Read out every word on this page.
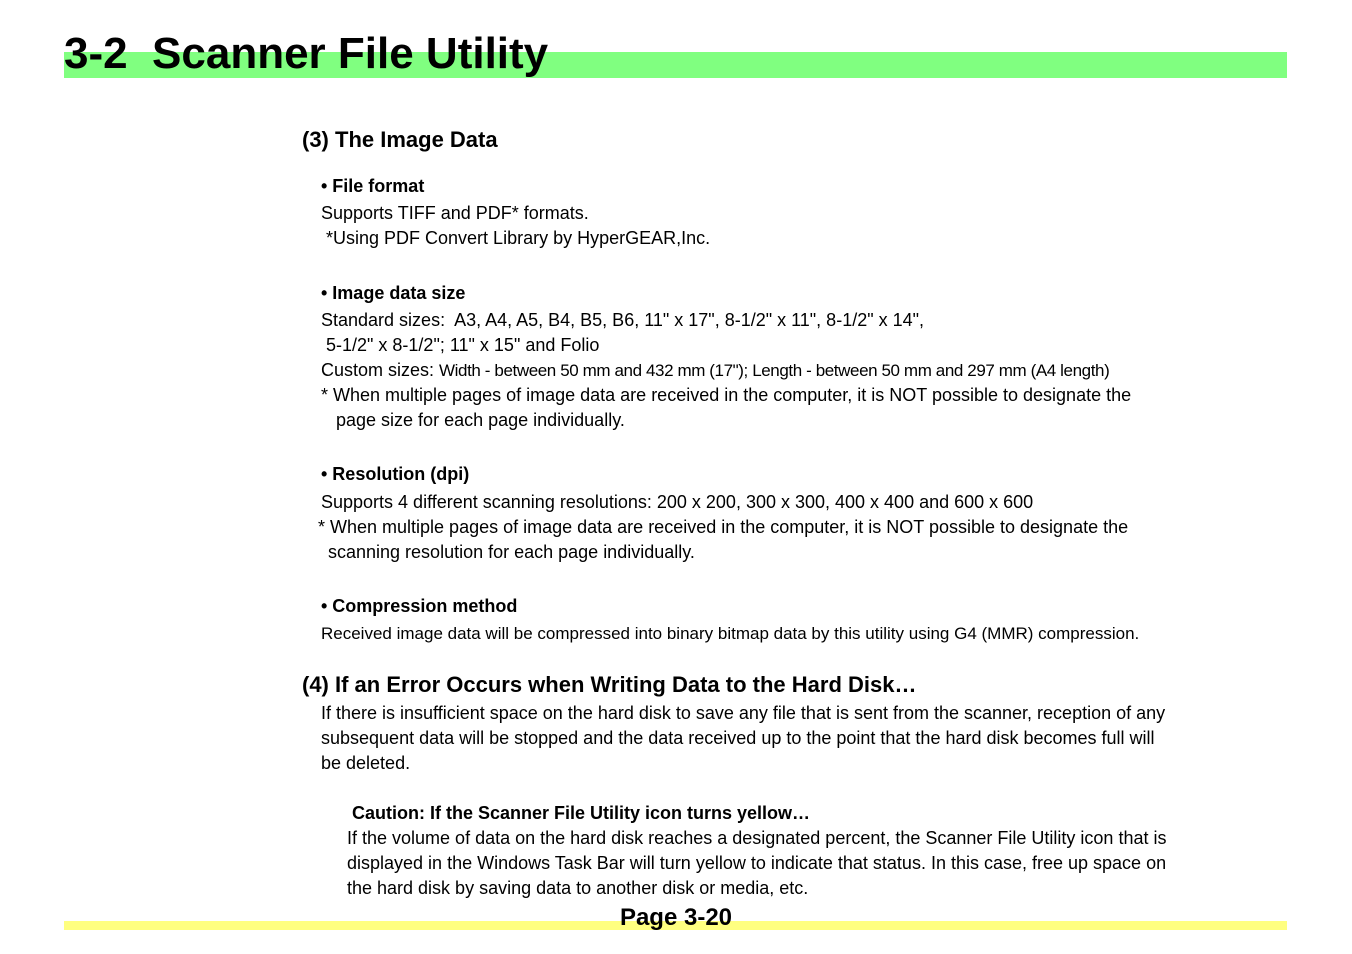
3-2  Scanner File Utility
(3) The Image Data
• File format
Supports TIFF and PDF* formats.
*Using PDF Convert Library by HyperGEAR,Inc.
• Image data size
Standard sizes:  A3, A4, A5, B4, B5, B6, 11" x 17", 8-1/2" x 11", 8-1/2" x 14",
5-1/2" x 8-1/2"; 11" x 15" and Folio
Custom sizes: Width - between 50 mm and 432 mm (17"); Length - between 50 mm and 297 mm (A4 length)
* When multiple pages of image data are received in the computer, it is NOT possible to designate the
page size for each page individually.
• Resolution (dpi)
Supports 4 different scanning resolutions: 200 x 200, 300 x 300, 400 x 400 and 600 x 600
* When multiple pages of image data are received in the computer, it is NOT possible to designate the
scanning resolution for each page individually.
• Compression method
Received image data will be compressed into binary bitmap data by this utility using G4 (MMR) compression.
(4) If an Error Occurs when Writing Data to the Hard Disk…
If there is insufficient space on the hard disk to save any file that is sent from the scanner, reception of any
subsequent data will be stopped and the data received up to the point that the hard disk becomes full will
be deleted.
Caution: If the Scanner File Utility icon turns yellow…
If the volume of data on the hard disk reaches a designated percent, the Scanner File Utility icon that is
displayed in the Windows Task Bar will turn yellow to indicate that status. In this case, free up space on
the hard disk by saving data to another disk or media, etc.
Page 3-20
